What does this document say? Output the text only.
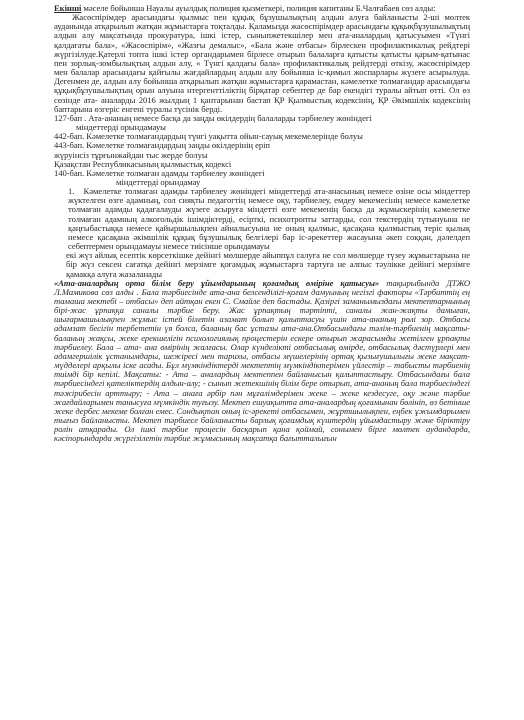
Екінші мәселе бойынша Науалы ауылдық полиция қызметкері, полиция капитаны Б.Чалғабаев сөз алды:

Жасөспірімдер арасындағы қылмыс пен құқық бұзушылықтың алдын алуға байланысты 2-ші мөлтек ауданында атқарылып жатқан жұмыстарға тоқталды. Қаламызда жасөспірімдер арасындағы құқықбұзушылықтың алдын алу мақсатында прокуратура, ішкі істер, сыныпжетекшілер мен ата-аналардың қатысуымен «Түнгі қалдағаты бала», «Жасөспірім», «Жазғы демалыс», «Бала және отбасы» бірлескен профилактикалық рейдтері жүргізілуде.Қатерлі топта ішкі істер органдарымен бірлесе отырып балаларға қатысты қатысты қарым-қатынас пен зорлық-зомбылықтың алдын алу, « Түнгі қалдағы бала» профилактикалық рейдтерді өткізу, жасөспірімдер мен балалар арасындағы қайғылы жағдайлардың алдын алу бойынша іс-қимыл жоспарлары жүзеге асырылуда. Дегенмен де, алдын алу бойынша атқарылып жатқан жұмыстарға қарамастан, кәмелетке толмағандар арасындағы құқықбұзушылықтың орын алуына нтергенттіліктің бірқатар себептер де бар екендігі туралы айтып өтті. Ол өз сөзінде ата- аналарды 2016 жылдың 1 қантарынан бастап ҚР Қылмыстық кодексінің, ҚР Әкімшілік кодексінің баптарына өзгеріс енгені туралы түсінік берді.

127-бап . Ата-ананың немесе басқа да заңды өкілдердің балаларды тәрбиелеу жөніндегі

міндеттерді орындамауы

442-бап. Кәмелетке толмағандардың түнгі уақытта ойын-сауық мекемелерінде болуы

443-бап. Кәмелетке толмағандардың заңды өкілдерінің ерiп

жүруінсіз тұрғынжайдан тыс жерде болуы

Қазақстан Республикасының қылмыстық кодексi

140-бап. Кәмелетке толмаған адамды тәрбиелеу жөніндегі

міндеттерді орындамау

1. Кәмелетке толмаған адамды тәрбиелеу жөніндегі міндеттерді ата-анасының немесе өзіне осы міндеттер жүктелген өзге адамның, сол сияқты педагогтің немесе оқу, тәрбиелеу, емдеу мекемесінің немесе кәмелетке толмаған адамды қадағалауды жүзеге асыруға міндетті өзге мекеменің басқа да жұмыскерінің кәмелетке толмаған адамның алкогольдік ішімдіктерді, есірткі, психотропты заттарды, сол текстердің түтынуына не қаңғыбастыққа немесе қайыршылықпен айналысуына не оның қылмыс, қасақана қылмыстық теріс қылық немесе қасақана әкімшілік құқық бұзушылық белгілері бар іс-әрекеттер жасауына әкеп соққан, дәлелдеп себептермен орындамауы немесе тиісінше орындамауы

екі жүз айлық есептік көрсеткішке дейінгі мөлшерде айыппұл салуға не сол мөлшерде түзеу жұмыстарына не бір жүз сексен сағатқа дейінгі мерзімге қоғамдық жұмыстарға тартуға не алпыс тәулікке дейінгі мерзімге қамакқа алуға жазаланады

«Ата-аналардың орта білім беру ұйымдарының қоғамдық өміріне қатысуы» тақырыбында ДТЖО Л.Мамикова сөз алды . Бала тәрбиесінде ата-ана белсенділігі-қоғам дамуының негізгі факторы «Тәрбиттің ең тамаша мектебі – отбасы» деп айтқан екен С. Смайлe деп бастады. Қазіргі заманымыздағы мектептарнының бірі-жас ұрпаққа саналы тәрбие беру. Жас ұрпақтың тәртіпті, саналы жан-жақты дамыған, шығармашылықпен жұмыс істей білетін азамат болып қалыптасуы үшін ата-ананың рөлі зор. Отбасы адамзат бесігін тербететін үя болса, баланың бас ұстазы ата-ана.Отбасындағы тәлім-тәрбиенің мақсаты-баланың жақсы, жеке ерекшелігін психологиялық процестерін ескере отырып жарасымды жетілген ұрпақты тәрбиелеу. Бала – ата- ана өмірінің жалғасы. Олар күнделікті отбасылық өмірде, отбасылық дәстүрлері мен адамгершілік ұстанымдары, шежіресі мен тарихы, отбасы мүшелерінің ортақ қызығушылығы жеке мақсат-мүдделері арқылы іске асады. Бұл мүмкіндіктерді мектептің мүмкіндіктерімен үйлестір – табысты тәрбиенің тиімді бір кепілі. Мақсаты: - Ата – аналардың мектеппен байланысын қалыптастыру. Отбасындағы бала тәрбиесіндегі қателіктердің алдын-алу; - сынып жетекшінің білім бере отырып, ата-ананың бала тәрбиесіндегі тәжірибесін арттыру; - Ата – анаға әрбір пән мұғалімдерімен жеке – жеке кездесуге, оқу және тәрбие жағдайларымен танысуға мүмкіндік туғызу. Мектеп ешуақытта ата-аналардың қоғамынан бөлініп, өз бетінше жеке дербес мекеме болған емес. Сондықтан оның іс-әрекеті отбасымен, жұртшылықпен, еңбек ұжымдарымен тығыз байланысты. Мектеп тәрбиесе байланысты барлық қоғамдық күштердің ұйымдастыру және біріктіру ролін атқарады. Ол ішкі тәрбие процесін басқарып қана қоймай, сонымен бірге мөлтек аудандарда, кәсіпорындарда жүргізілетін тәрбие жұмысының мақсатқа бағытталығын
